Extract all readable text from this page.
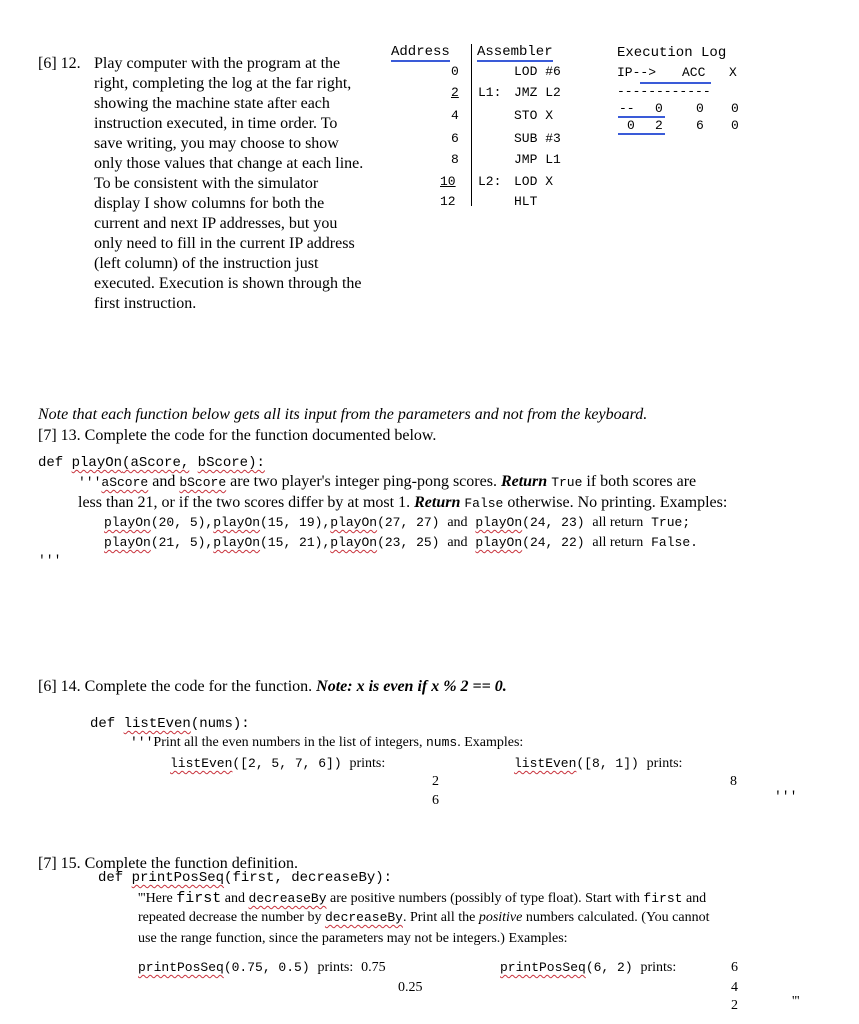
[6] 12. Play computer with the program at the right, completing the log at the far right, showing the machine state after each instruction executed, in time order. To save writing, you may choose to show only those values that change at each line. To be consistent with the simulator display I show columns for both the current and next IP addresses, but you only need to fill in the current IP address (left column) of the instruction just executed. Execution is shown through the first instruction.
Address Assembler
0	LOD #6
2 L1: JMZ L2
4	STO X
6	SUB #3
8	JMP L1
10 L2: LOD X
12	HLT
Execution Log
IP--> ACC X
------------
-- 0	0 0
0 2	6 0
Note that each function below gets all its input from the parameters and not from the keyboard.
[7] 13. Complete the code for the function documented below.
def playOn(aScore, bScore):
'''aScore and bScore are two player's integer ping-pong scores. Return True if both scores are
less than 21, or if the two scores differ by at most 1. Return False otherwise. No printing. Examples:
playOn(20, 5),playOn(15, 19),playOn(27, 27) and playOn(24, 23) all return True;
playOn(21, 5),playOn(15, 21),playOn(23, 25) and playOn(24, 22) all return False.
'''
[6] 14. Complete the code for the function. Note: x is even if x % 2 == 0.
def listEven(nums):
'''Print all the even numbers in the list of integers, nums. Examples:
listEven([2, 5, 7, 6]) prints:	listEven([8, 1]) prints:
2
6
8
'''
[7] 15. Complete the function definition.
def printPosSeq(first, decreaseBy):
'''Here first and decreaseBy are positive numbers (possibly of type float). Start with first and
repeated decrease the number by decreaseBy. Print all the positive numbers calculated. (You cannot
use the range function, since the parameters may not be integers.) Examples:
printPosSeq(0.75, 0.5) prints: 0.75
0.25
printPosSeq(6, 2) prints:	6
4
2	'''
